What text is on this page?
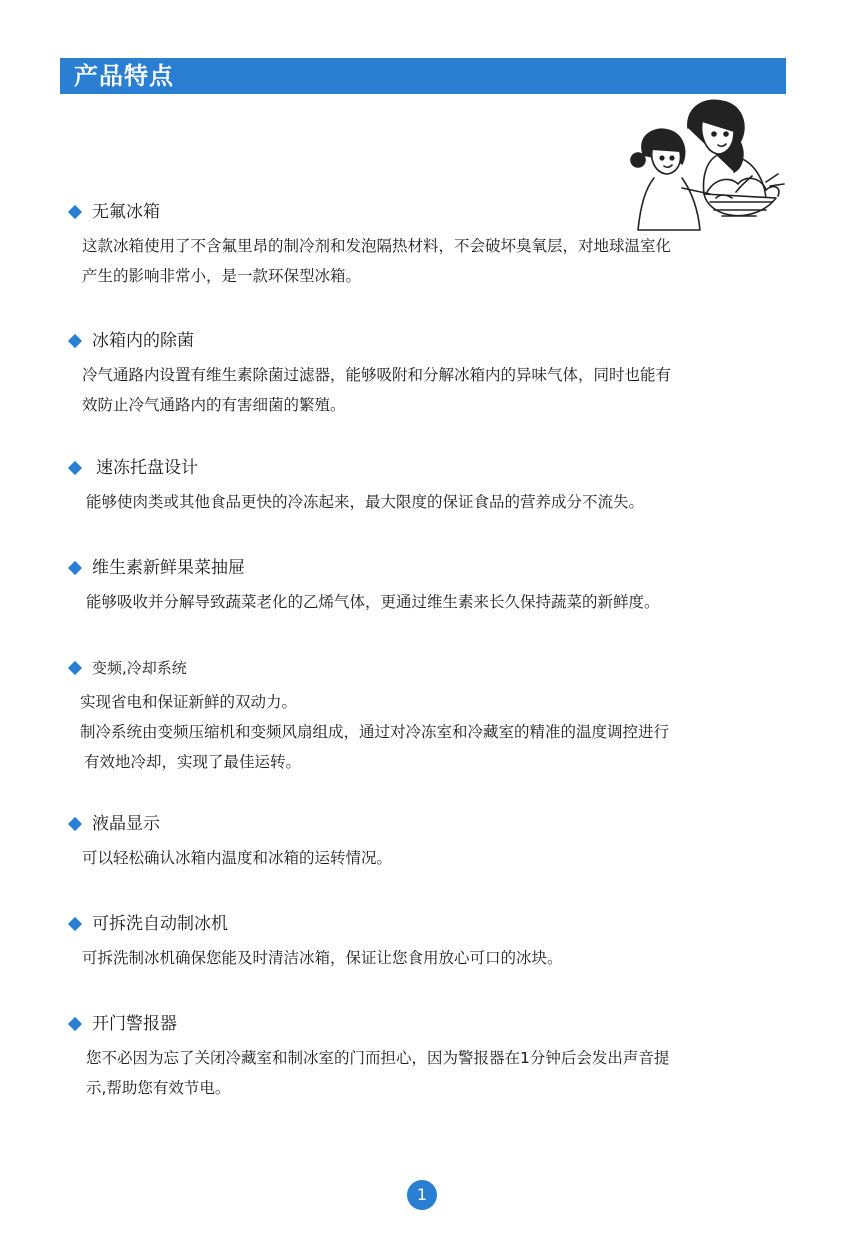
产品特点
无氟冰箱
这款冰箱使用了不含氟里昂的制冷剂和发泡隔热材料，不会破坏臭氧层，对地球温室化
产生的影响非常小，是一款环保型冰箱。
冰箱内的除菌
冷气通路内设置有维生素除菌过滤器，能够吸附和分解冰箱内的异味气体，同时也能有
效防止冷气通路内的有害细菌的繁殖。
速冻托盘设计
能够使肉类或其他食品更快的冷冻起来，最大限度的保证食品的营养成分不流失。
维生素新鲜果菜抽屉
能够吸收并分解导致蔬菜老化的乙烯气体，更通过维生素来长久保持蔬菜的新鲜度。
变频,冷却系统
实现省电和保证新鲜的双动力。
制冷系统由变频压缩机和变频风扇组成，通过对冷冻室和冷藏室的精准的温度调控进行
有效地冷却，实现了最佳运转。
液晶显示
可以轻松确认冰箱内温度和冰箱的运转情况。
可拆洗自动制冰机
可拆洗制冰机确保您能及时清洁冰箱，保证让您食用放心可口的冰块。
开门警报器
您不必因为忘了关闭冷藏室和制冰室的门而担心，因为警报器在1分钟后会发出声音提
示,帮助您有效节电。
1
